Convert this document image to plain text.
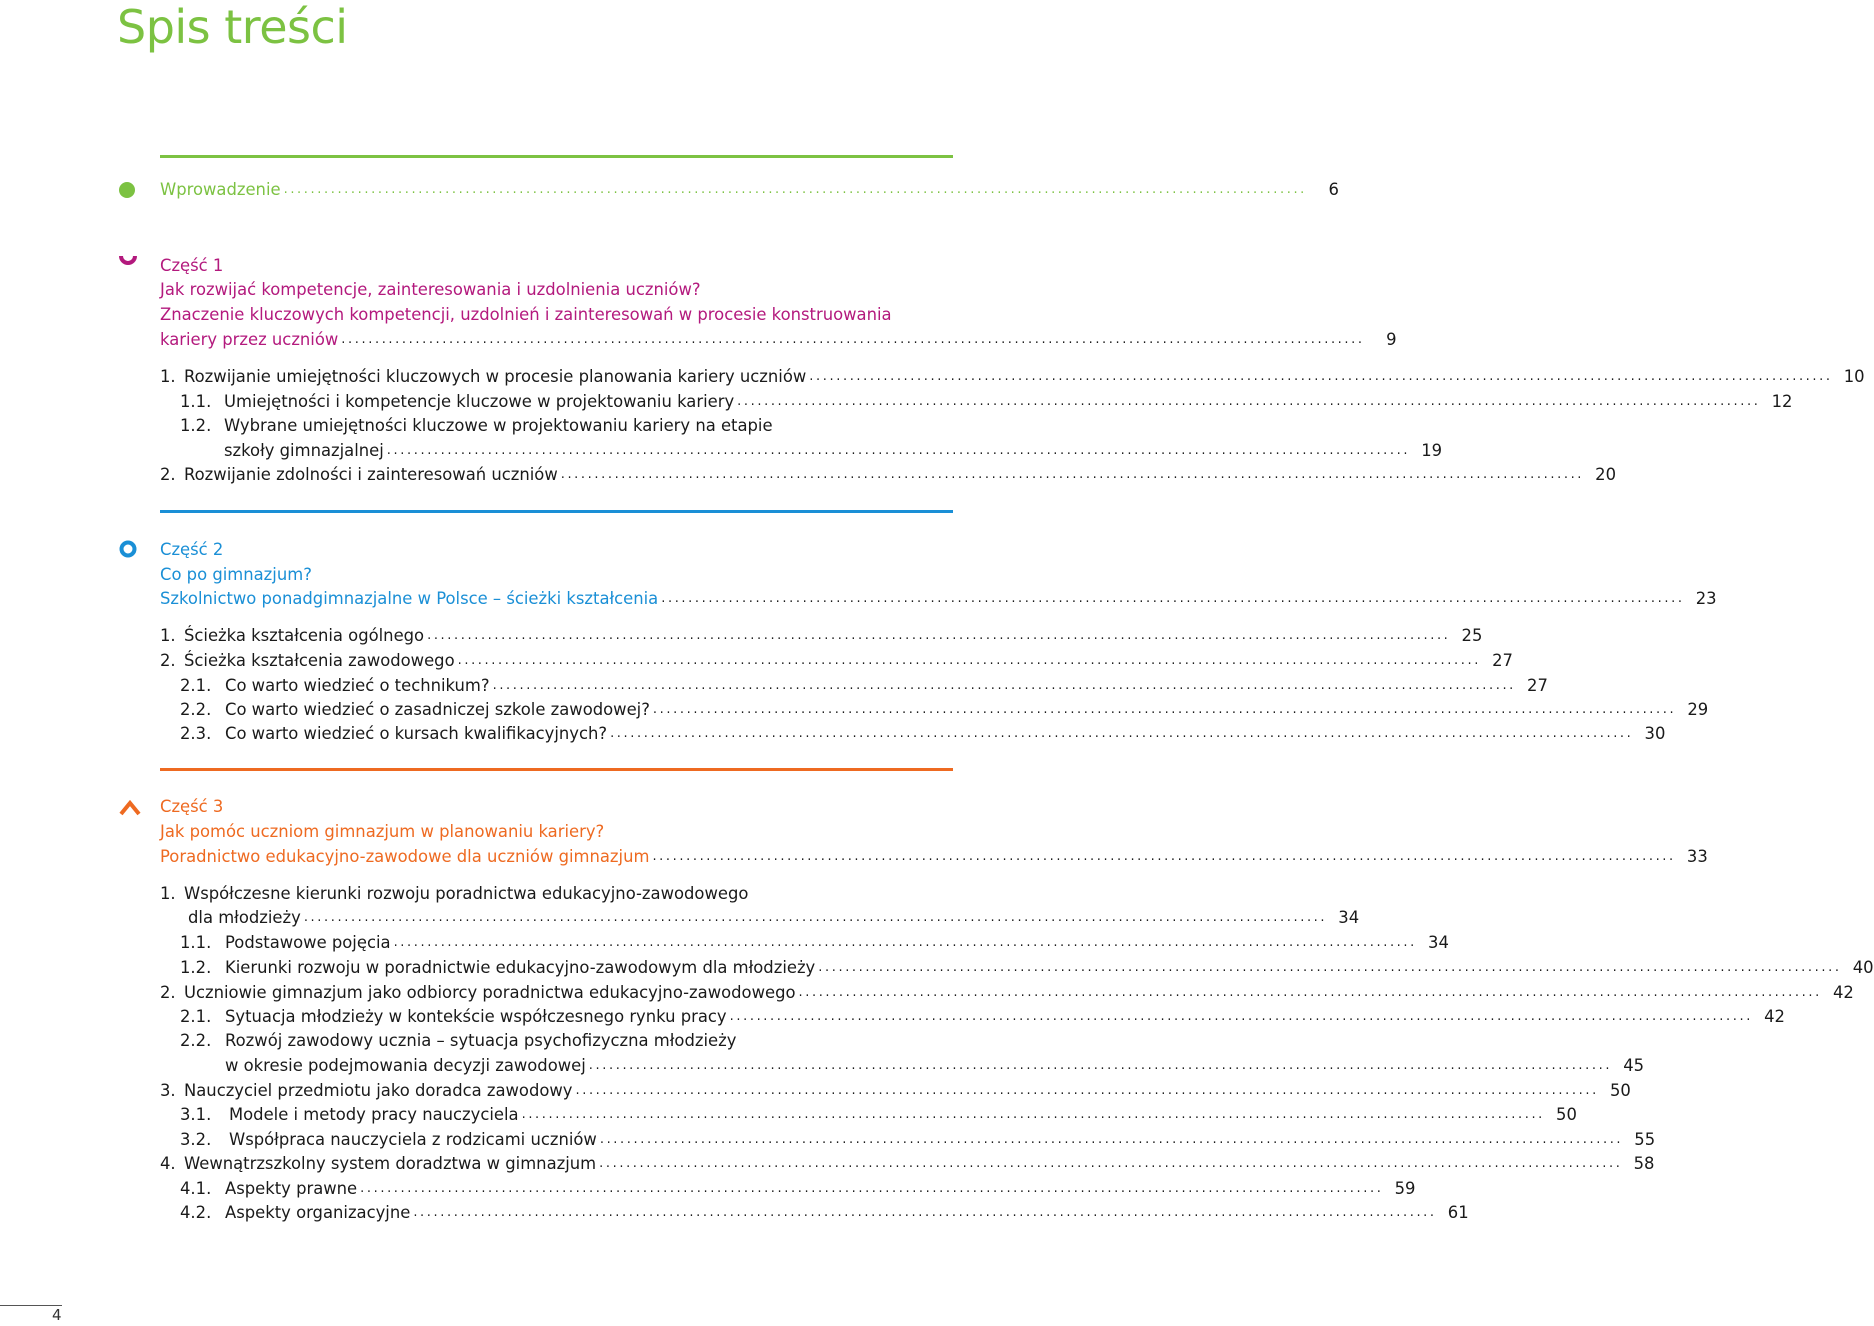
Spis treści
Wprowadzenie ........................................................................................................................................................	6
Część 1
Jak rozwijać kompetencje, zainteresowania i uzdolnienia uczniów?
Znaczenie kluczowych kompetencji, uzdolnień i zainteresowań w procesie konstruowania
kariery przez uczniów ........................................................................................................................................................	9
1. Rozwijanie umiejętności kluczowych w procesie planowania kariery uczniów ........................................................................................................................................................ 10
1.1. Umiejętności i kompetencje kluczowe w projektowaniu kariery ........................................................................................................................................................ 12
1.2. Wybrane umiejętności kluczowe w projektowaniu kariery na etapie
szkoły gimnazjalnej ........................................................................................................................................................ 19
2. Rozwijanie zdolności i zainteresowań uczniów ........................................................................................................................................................ 20
Część 2
Co po gimnazjum?
Szkolnictwo ponadgimnazjalne w Polsce – ścieżki kształcenia ........................................................................................................................................................ 23
1. Ścieżka kształcenia ogólnego ........................................................................................................................................................ 25
2. Ścieżka kształcenia zawodowego ........................................................................................................................................................ 27
2.1. Co warto wiedzieć o technikum? ........................................................................................................................................................ 27
2.2. Co warto wiedzieć o zasadniczej szkole zawodowej? ........................................................................................................................................................ 29
2.3. Co warto wiedzieć o kursach kwalifikacyjnych? ........................................................................................................................................................ 30
Część 3
Jak pomóc uczniom gimnazjum w planowaniu kariery?
Poradnictwo edukacyjno-zawodowe dla uczniów gimnazjum ........................................................................................................................................................ 33
1. Współczesne kierunki rozwoju poradnictwa edukacyjno-zawodowego
dla młodzieży ........................................................................................................................................................ 34
1.1. Podstawowe pojęcia ........................................................................................................................................................ 34
1.2. Kierunki rozwoju w poradnictwie edukacyjno-zawodowym dla młodzieży ........................................................................................................................................................ 40
2. Uczniowie gimnazjum jako odbiorcy poradnictwa edukacyjno-zawodowego ........................................................................................................................................................ 42
2.1. Sytuacja młodzieży w kontekście współczesnego rynku pracy ........................................................................................................................................................ 42
2.2. Rozwój zawodowy ucznia – sytuacja psychofizyczna młodzieży
w okresie podejmowania decyzji zawodowej ........................................................................................................................................................ 45
3. Nauczyciel przedmiotu jako doradca zawodowy ........................................................................................................................................................ 50
3.1. Modele i metody pracy nauczyciela ........................................................................................................................................................ 50
3.2. Współpraca nauczyciela z rodzicami uczniów ........................................................................................................................................................ 55
4. Wewnątrzszkolny system doradztwa w gimnazjum ........................................................................................................................................................ 58
4.1. Aspekty prawne ........................................................................................................................................................ 59
4.2. Aspekty organizacyjne ........................................................................................................................................................ 61
4
